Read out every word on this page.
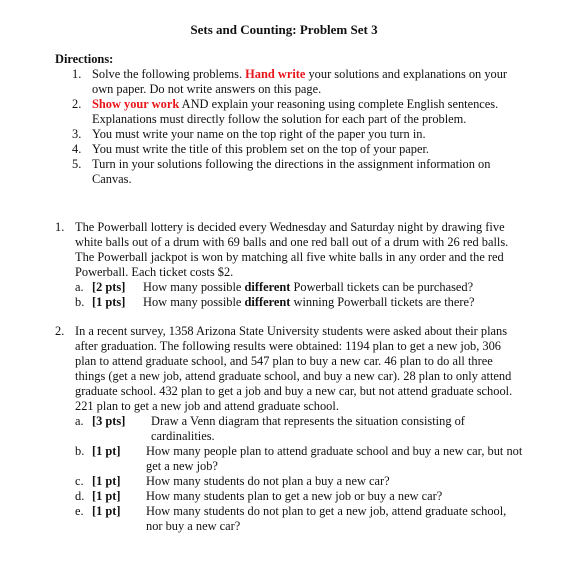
Sets and Counting: Problem Set 3
Directions:
1. Solve the following problems. Hand write your solutions and explanations on your own paper. Do not write answers on this page.
2. Show your work AND explain your reasoning using complete English sentences. Explanations must directly follow the solution for each part of the problem.
3. You must write your name on the top right of the paper you turn in.
4. You must write the title of this problem set on the top of your paper.
5. Turn in your solutions following the directions in the assignment information on Canvas.
1. The Powerball lottery is decided every Wednesday and Saturday night by drawing five white balls out of a drum with 69 balls and one red ball out of a drum with 26 red balls. The Powerball jackpot is won by matching all five white balls in any order and the red Powerball. Each ticket costs $2.
a. [2 pts]	How many possible different Powerball tickets can be purchased?
b. [1 pts]	How many possible different winning Powerball tickets are there?
2. In a recent survey, 1358 Arizona State University students were asked about their plans after graduation. The following results were obtained: 1194 plan to get a new job, 306 plan to attend graduate school, and 547 plan to buy a new car. 46 plan to do all three things (get a new job, attend graduate school, and buy a new car). 28 plan to only attend graduate school. 432 plan to get a job and buy a new car, but not attend graduate school. 221 plan to get a new job and attend graduate school.
a. [3 pts] Draw a Venn diagram that represents the situation consisting of cardinalities.
b. [1 pt] How many people plan to attend graduate school and buy a new car, but not get a new job?
c. [1 pt] How many students do not plan a buy a new car?
d. [1 pt] How many students plan to get a new job or buy a new car?
e. [1 pt] How many students do not plan to get a new job, attend graduate school, nor buy a new car?
